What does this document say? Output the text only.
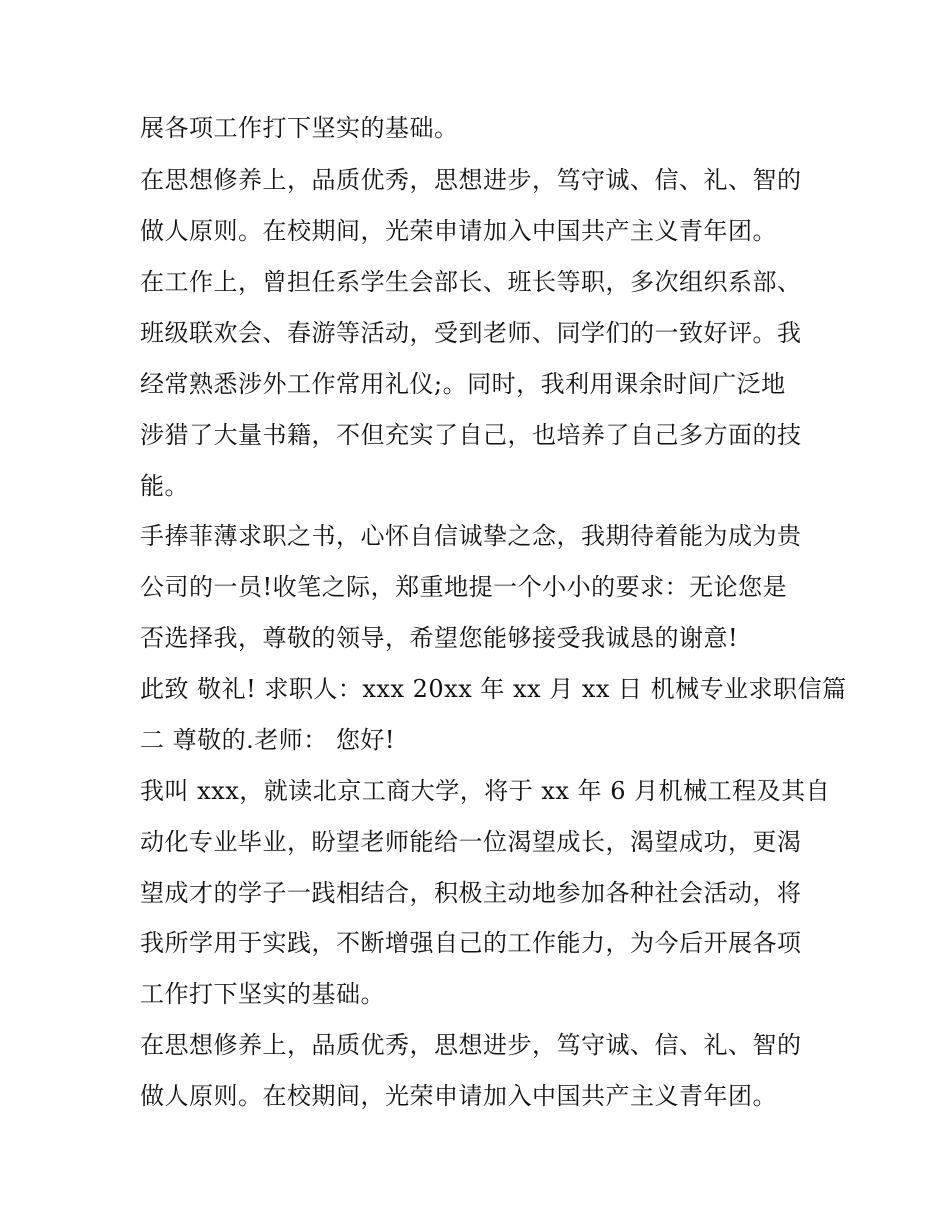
展各项工作打下坚实的基础。
在思想修养上，品质优秀，思想进步，笃守诚、信、礼、智的
做人原则。在校期间，光荣申请加入中国共产主义青年团。
在工作上，曾担任系学生会部长、班长等职，多次组织系部、
班级联欢会、春游等活动，受到老师、同学们的一致好评。我
经常熟悉涉外工作常用礼仪;。同时，我利用课余时间广泛地
涉猎了大量书籍，不但充实了自己，也培养了自己多方面的技
能。
手捧菲薄求职之书，心怀自信诚挚之念，我期待着能为成为贵
公司的一员!收笔之际，郑重地提一个小小的要求：无论您是
否选择我，尊敬的领导，希望您能够接受我诚恳的谢意!
此致 敬礼! 求职人：xxx 20xx 年 xx 月 xx 日 机械专业求职信篇
二 尊敬的.老师： 您好!
我叫 xxx，就读北京工商大学，将于 xx 年 6 月机械工程及其自
动化专业毕业，盼望老师能给一位渴望成长，渴望成功，更渴
望成才的学子一践相结合，积极主动地参加各种社会活动，将
我所学用于实践，不断增强自己的工作能力，为今后开展各项
工作打下坚实的基础。
在思想修养上，品质优秀，思想进步，笃守诚、信、礼、智的
做人原则。在校期间，光荣申请加入中国共产主义青年团。
